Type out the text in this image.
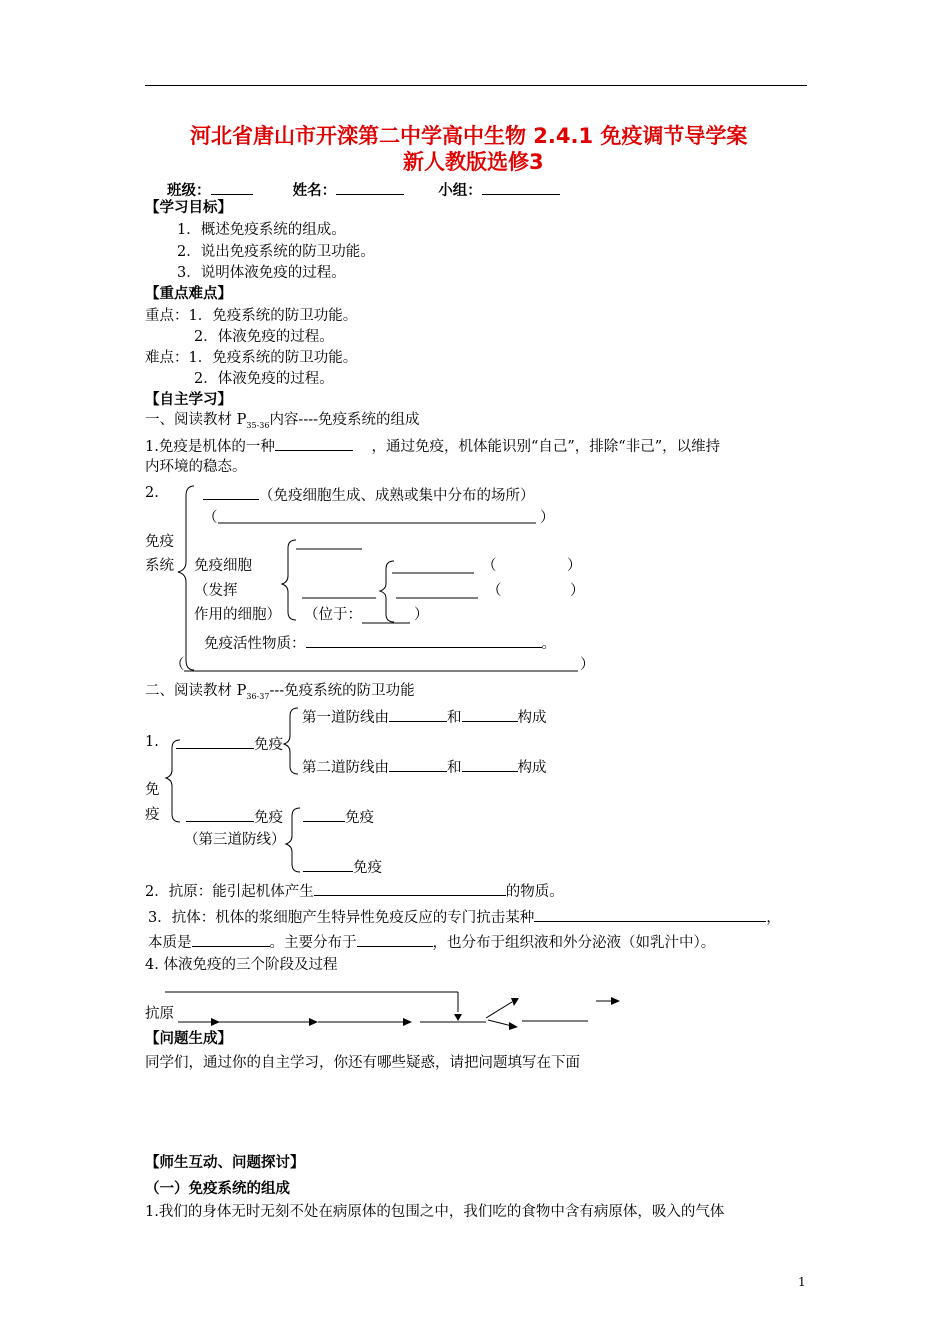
河北省唐山市开滦第二中学高中生物 2.4.1 免疫调节导学案
新人教版选修3
班级：	姓名：	小组：
【学习目标】
1．概述免疫系统的组成。
2．说出免疫系统的防卫功能。
3．说明体液免疫的过程。
【重点难点】
重点：1．免疫系统的防卫功能。
2．体液免疫的过程。
难点：1．免疫系统的防卫功能。
2．体液免疫的过程。
【自主学习】
一、阅读教材 $P_{35-36}$内容----免疫系统的组成
1.免疫是机体的一种	，通过免疫，机体能识别“自己”，排除“非己”，以维持
内环境的稳态。
2.	（免疫细胞生成、成熟或集中分布的场所）
（	）
免疫
系统 免疫细胞
（发挥
作用的细胞） （位于：	）
（	）
（	）
免疫活性物质：	。
（	）
二、阅读教材 $P_{36-37}---$免疫系统的防卫功能
第一道防线由	和	构成
1.	免疫
第二道防线由	和	构成
免
疫	免疫	免疫
（第三道防线）
免疫
2．抗原：能引起机体产生	的物质。
3．抗体：机体的浆细胞产生特异性免疫反应的专门抗击某种	，
本质是	。主要分布于	，也分布于组织液和外分泌液（如乳汁中）。
4. 体液免疫的三个阶段及过程
抗原
【问题生成】
同学们，通过你的自主学习，你还有哪些疑惑，请把问题填写在下面
【师生互动、问题探讨】
（一）免疫系统的组成
1.我们的身体无时无刻不处在病原体的包围之中，我们吃的食物中含有病原体，吸入的气体
1
